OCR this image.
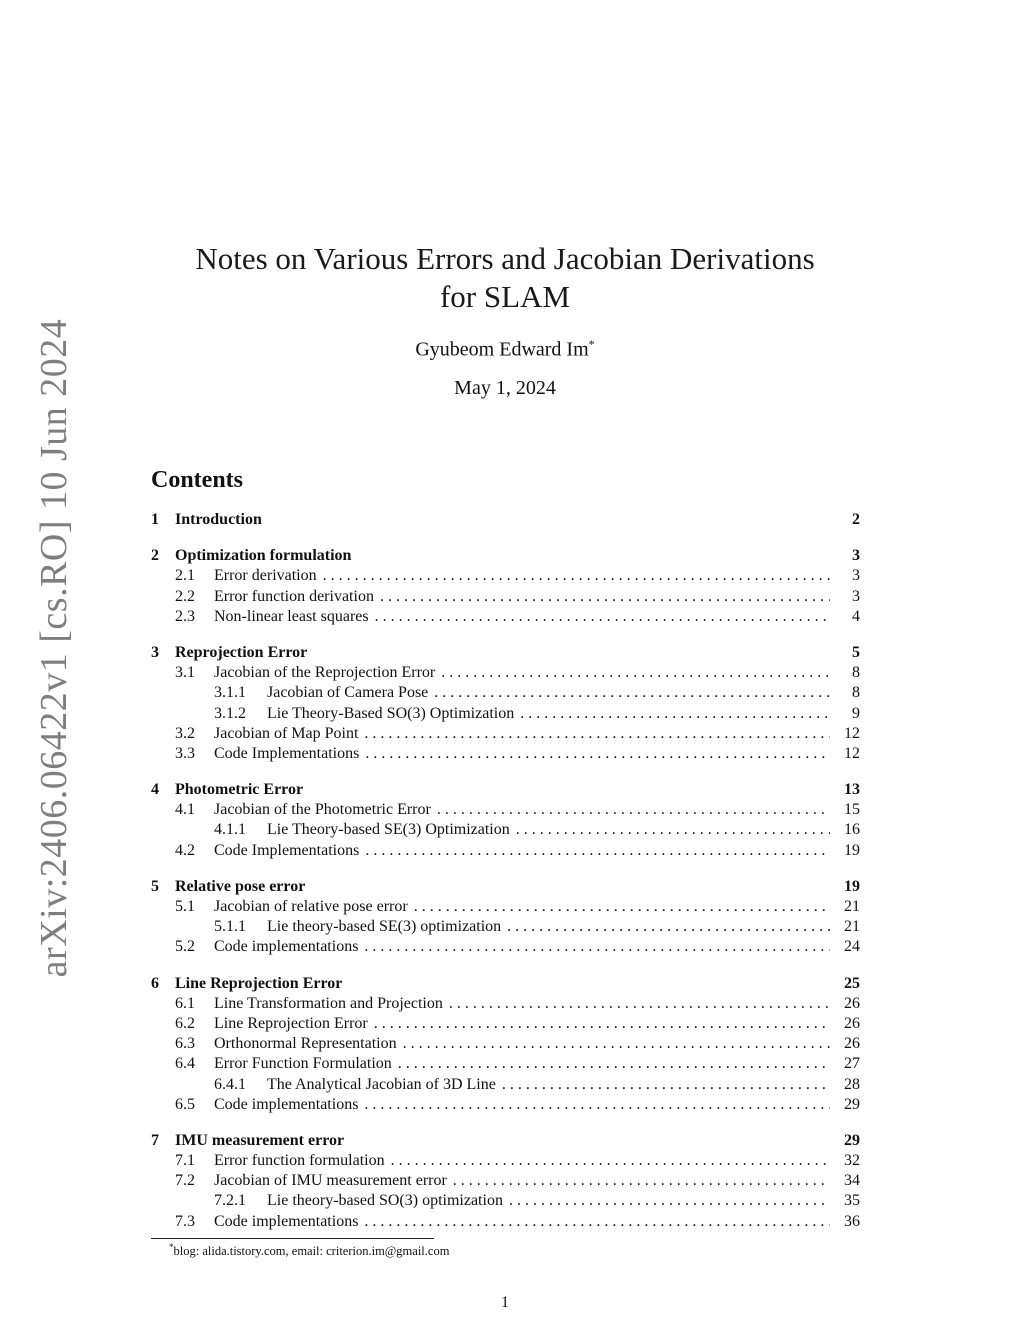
arXiv:2406.06422v1 [cs.RO] 10 Jun 2024
Notes on Various Errors and Jacobian Derivations
for SLAM
Gyubeom Edward Im*
May 1, 2024
Contents
1	Introduction	2
2	Optimization formulation	3
2.1	Error derivation . . .	3
2.2	Error function derivation . . .	3
2.3	Non-linear least squares . . .	4
3	Reprojection Error	5
3.1	Jacobian of the Reprojection Error . . .	8
3.1.1	Jacobian of Camera Pose . . .	8
3.1.2	Lie Theory-Based SO(3) Optimization . . .	9
3.2	Jacobian of Map Point . . .	12
3.3	Code Implementations . . .	12
4	Photometric Error	13
4.1	Jacobian of the Photometric Error . . .	15
4.1.1	Lie Theory-based SE(3) Optimization . . .	16
4.2	Code Implementations . . .	19
5	Relative pose error	19
5.1	Jacobian of relative pose error . . .	21
5.1.1	Lie theory-based SE(3) optimization . . .	21
5.2	Code implementations . . .	24
6	Line Reprojection Error	25
6.1	Line Transformation and Projection . . .	26
6.2	Line Reprojection Error . . .	26
6.3	Orthonormal Representation . . .	26
6.4	Error Function Formulation . . .	27
6.4.1	The Analytical Jacobian of 3D Line . . .	28
6.5	Code implementations . . .	29
7	IMU measurement error	29
7.1	Error function formulation . . .	32
7.2	Jacobian of IMU measurement error . . .	34
7.2.1	Lie theory-based SO(3) optimization . . .	35
7.3	Code implementations . . .	36
*blog: alida.tistory.com, email: criterion.im@gmail.com
1
